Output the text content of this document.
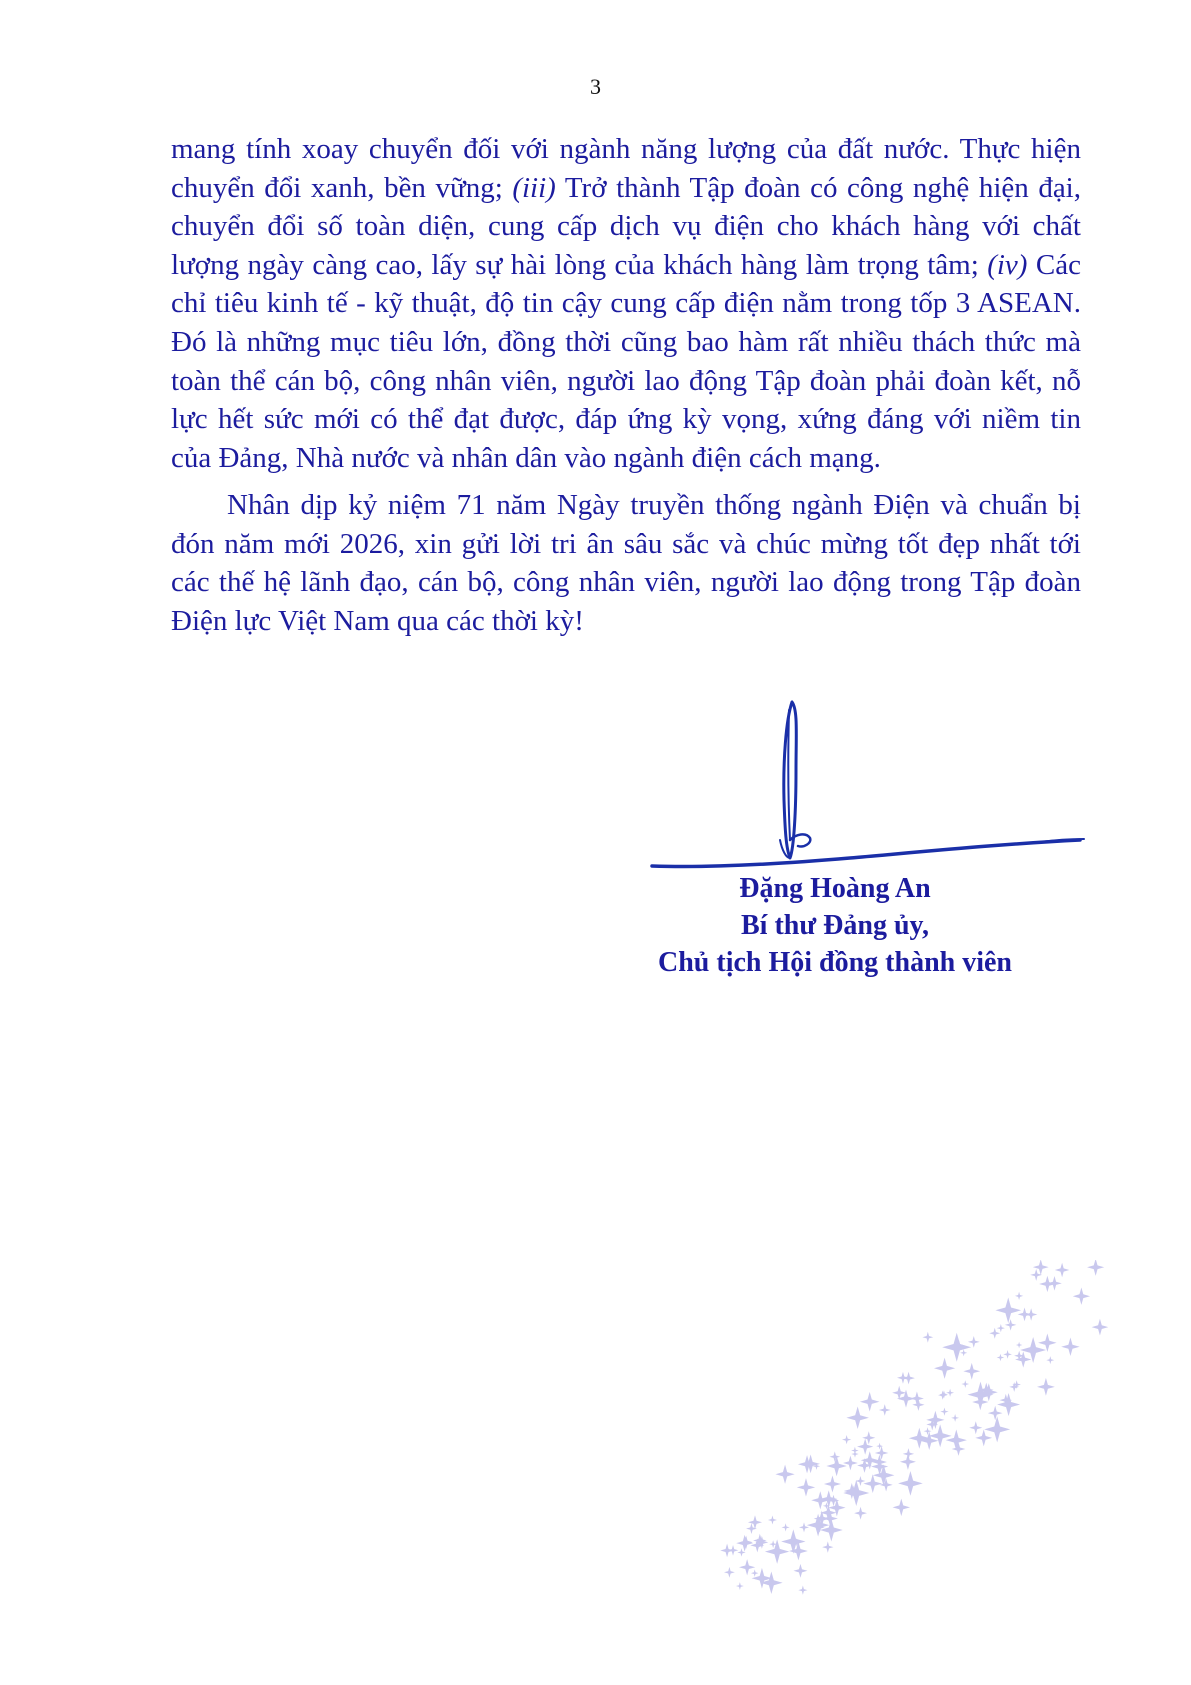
3
mang tính xoay chuyển đối với ngành năng lượng của đất nước. Thực hiện
chuyển đổi xanh, bền vững; (iii) Trở thành Tập đoàn có công nghệ hiện đại,
chuyển đổi số toàn diện, cung cấp dịch vụ điện cho khách hàng với chất
lượng ngày càng cao, lấy sự hài lòng của khách hàng làm trọng tâm; (iv) Các
chỉ tiêu kinh tế - kỹ thuật, độ tin cậy cung cấp điện nằm trong tốp 3 ASEAN.
Đó là những mục tiêu lớn, đồng thời cũng bao hàm rất nhiều thách thức mà
toàn thể cán bộ, công nhân viên, người lao động Tập đoàn phải đoàn kết, nỗ
lực hết sức mới có thể đạt được, đáp ứng kỳ vọng, xứng đáng với niềm tin
của Đảng, Nhà nước và nhân dân vào ngành điện cách mạng.
Nhân dịp kỷ niệm 71 năm Ngày truyền thống ngành Điện và chuẩn bị
đón năm mới 2026, xin gửi lời tri ân sâu sắc và chúc mừng tốt đẹp nhất tới
các thế hệ lãnh đạo, cán bộ, công nhân viên, người lao động trong Tập đoàn
Điện lực Việt Nam qua các thời kỳ!
Đặng Hoàng An
Bí thư Đảng ủy,
Chủ tịch Hội đồng thành viên
